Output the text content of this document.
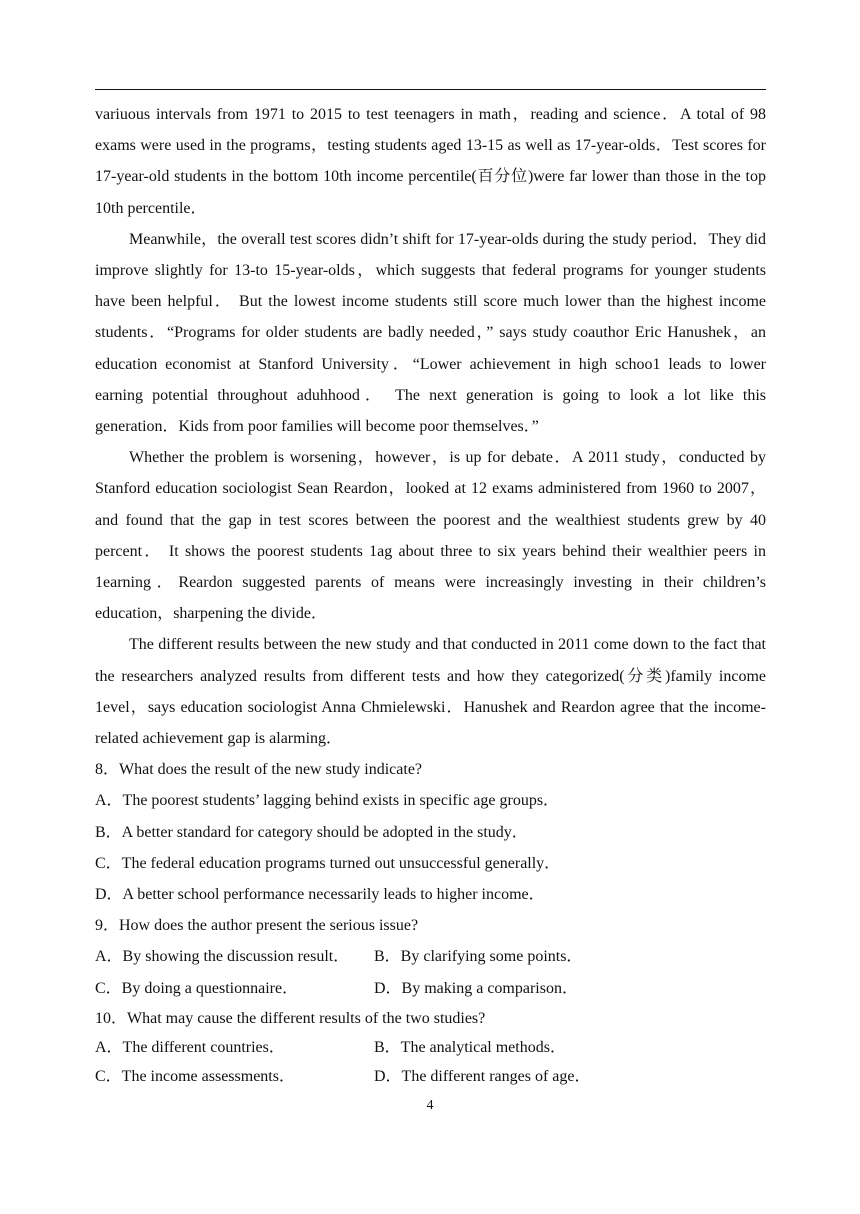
variuous intervals from 1971 to 2015 to test teenagers in math，reading and science．A total of 98 exams were used in the programs，testing students aged 13-15 as well as 17-year-olds．Test scores for 17-year-old students in the bottom 10th income percentile(百分位)were far lower than those in the top 10th percentile．

Meanwhile，the overall test scores didn’t shift for 17-year-olds during the study period．They did improve slightly for 13-to 15-year-olds，which suggests that federal programs for younger students have been helpful． But the lowest income students still score much lower than the highest income students．“Programs for older students are badly needed，” says study coauthor Eric Hanushek，an education economist at Stanford University．“Lower achievement in high schoo1 leads to lower earning potential throughout aduhhood． The next generation is going to look a lot like this generation．Kids from poor families will become poor themselves．”

Whether the problem is worsening，however，is up for debate．A 2011 study，conducted by Stanford education sociologist Sean Reardon，looked at 12 exams administered from 1960 to 2007，and found that the gap in test scores between the poorest and the wealthiest students grew by 40 percent． It shows the poorest students 1ag about three to six years behind their wealthier peers in 1earning．Reardon suggested parents of means were increasingly investing in their children’s education，sharpening the divide．

The different results between the new study and that conducted in 2011 come down to the fact that the researchers analyzed results from different tests and how they categorized(分类)family income 1evel，says education sociologist Anna Chmielewski．Hanushek and Reardon agree that the income-related achievement gap is alarming．

8．What does the result of the new study indicate?

A．The poorest students’ lagging behind exists in specific age groups．

B．A better standard for category should be adopted in the study．

C．The federal education programs turned out unsuccessful generally．

D．A better school performance necessarily leads to higher income．

9．How does the author present the serious issue?

A．By showing the discussion result．	B．By clarifying some points．
C．By doing a questionnaire．	D．By making a comparison．

10．What may cause the different results of the two studies?

A．The different countries．	B．The analytical methods．
C．The income assessments．	D．The different ranges of age．
4
